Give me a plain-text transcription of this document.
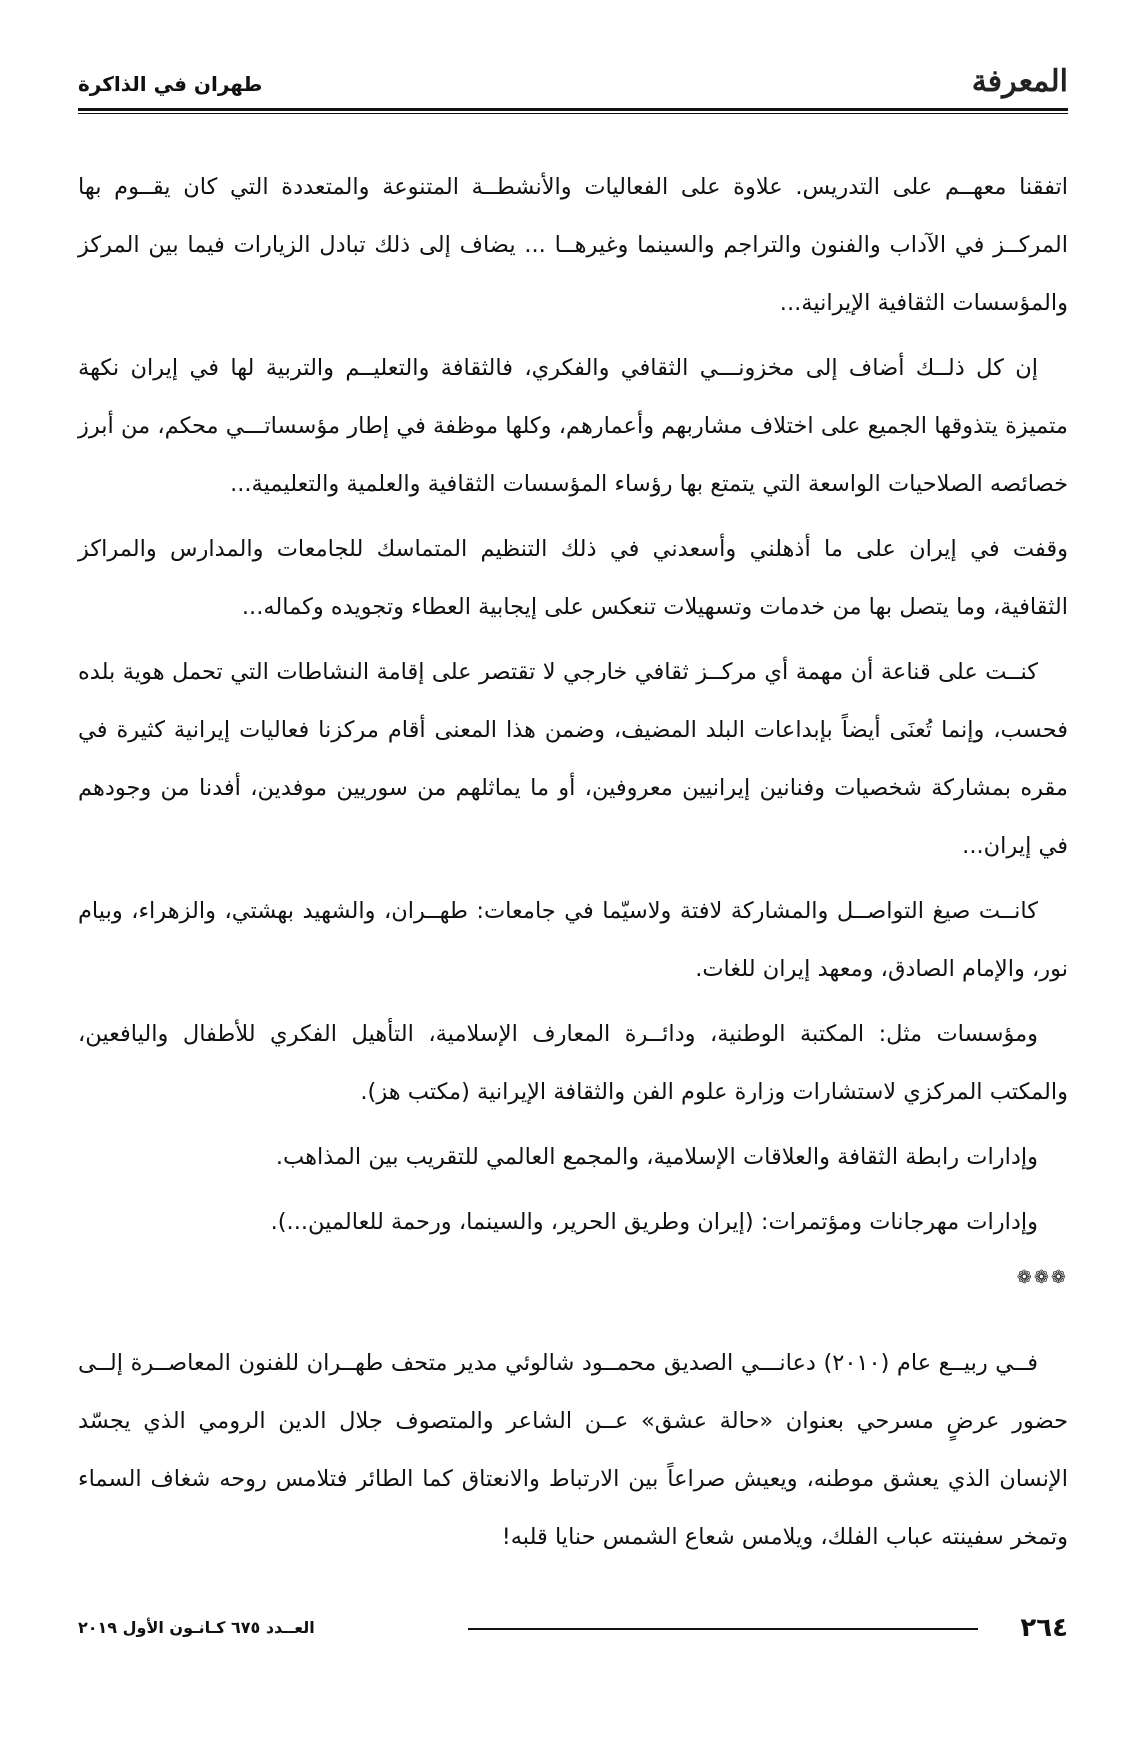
المعرفة
طهران في الذاكرة

اتفقنا معهــم على التدريس. علاوة على الفعاليات والأنشطــة المتنوعة والمتعددة التي كان يقــوم بها المركــز في الآداب والفنون والتراجم والسينما وغيرهــا ... يضاف إلى ذلك تبادل الزيارات فيما بين المركز والمؤسسات الثقافية الإيرانية...

إن كل ذلــك أضاف إلى مخزونـــي الثقافي والفكري، فالثقافة والتعليــم والتربية لها في إيران نكهة متميزة يتذوقها الجميع على اختلاف مشاربهم وأعمارهم، وكلها موظفة في إطار مؤسساتـــي محكم، من أبرز خصائصه الصلاحيات الواسعة التي يتمتع بها رؤساء المؤسسات الثقافية والعلمية والتعليمية...

وقفت في إيران على ما أذهلني وأسعدني في ذلك التنظيم المتماسك للجامعات والمدارس والمراكز الثقافية، وما يتصل بها من خدمات وتسهيلات تنعكس على إيجابية العطاء وتجويده وكماله...

كنــت على قناعة أن مهمة أي مركــز ثقافي خارجي لا تقتصر على إقامة النشاطات التي تحمل هوية بلده فحسب، وإنما تُعنَى أيضاً بإبداعات البلد المضيف، وضمن هذا المعنى أقام مركزنا فعاليات إيرانية كثيرة في مقره بمشاركة شخصيات وفنانين إيرانيين معروفين، أو ما يماثلهم من سوريين موفدين، أفدنا من وجودهم في إيران...

كانــت صيغ التواصــل والمشاركة لافتة ولاسيّما في جامعات: طهــران، والشهيد بهشتي، والزهراء، وبيام نور، والإمام الصادق، ومعهد إيران للغات.

ومؤسسات مثل: المكتبة الوطنية، ودائــرة المعارف الإسلامية، التأهيل الفكري للأطفال واليافعين، والمكتب المركزي لاستشارات وزارة علوم الفن والثقافة الإيرانية (مكتب هز).

وإدارات رابطة الثقافة والعلاقات الإسلامية، والمجمع العالمي للتقريب بين المذاهب.

وإدارات مهرجانات ومؤتمرات: (إيران وطريق الحرير، والسينما، ورحمة للعالمين...).

❁❁❁

فــي ربيــع عام (٢٠١٠) دعانـــي الصديق محمــود شالوئي مدير متحف طهــران للفنون المعاصــرة إلــى حضور عرضٍ مسرحي بعنوان «حالة عشق» عــن الشاعر والمتصوف جلال الدين الرومي الذي يجسّد الإنسان الذي يعشق موطنه، ويعيش صراعاً بين الارتباط والانعتاق كما الطائر فتلامس روحه شغاف السماء وتمخر سفينته عباب الفلك، ويلامس شعاع الشمس حنايا قلبه!

٢٦٤
العــدد ٦٧٥ كـانـون الأول ٢٠١٩
